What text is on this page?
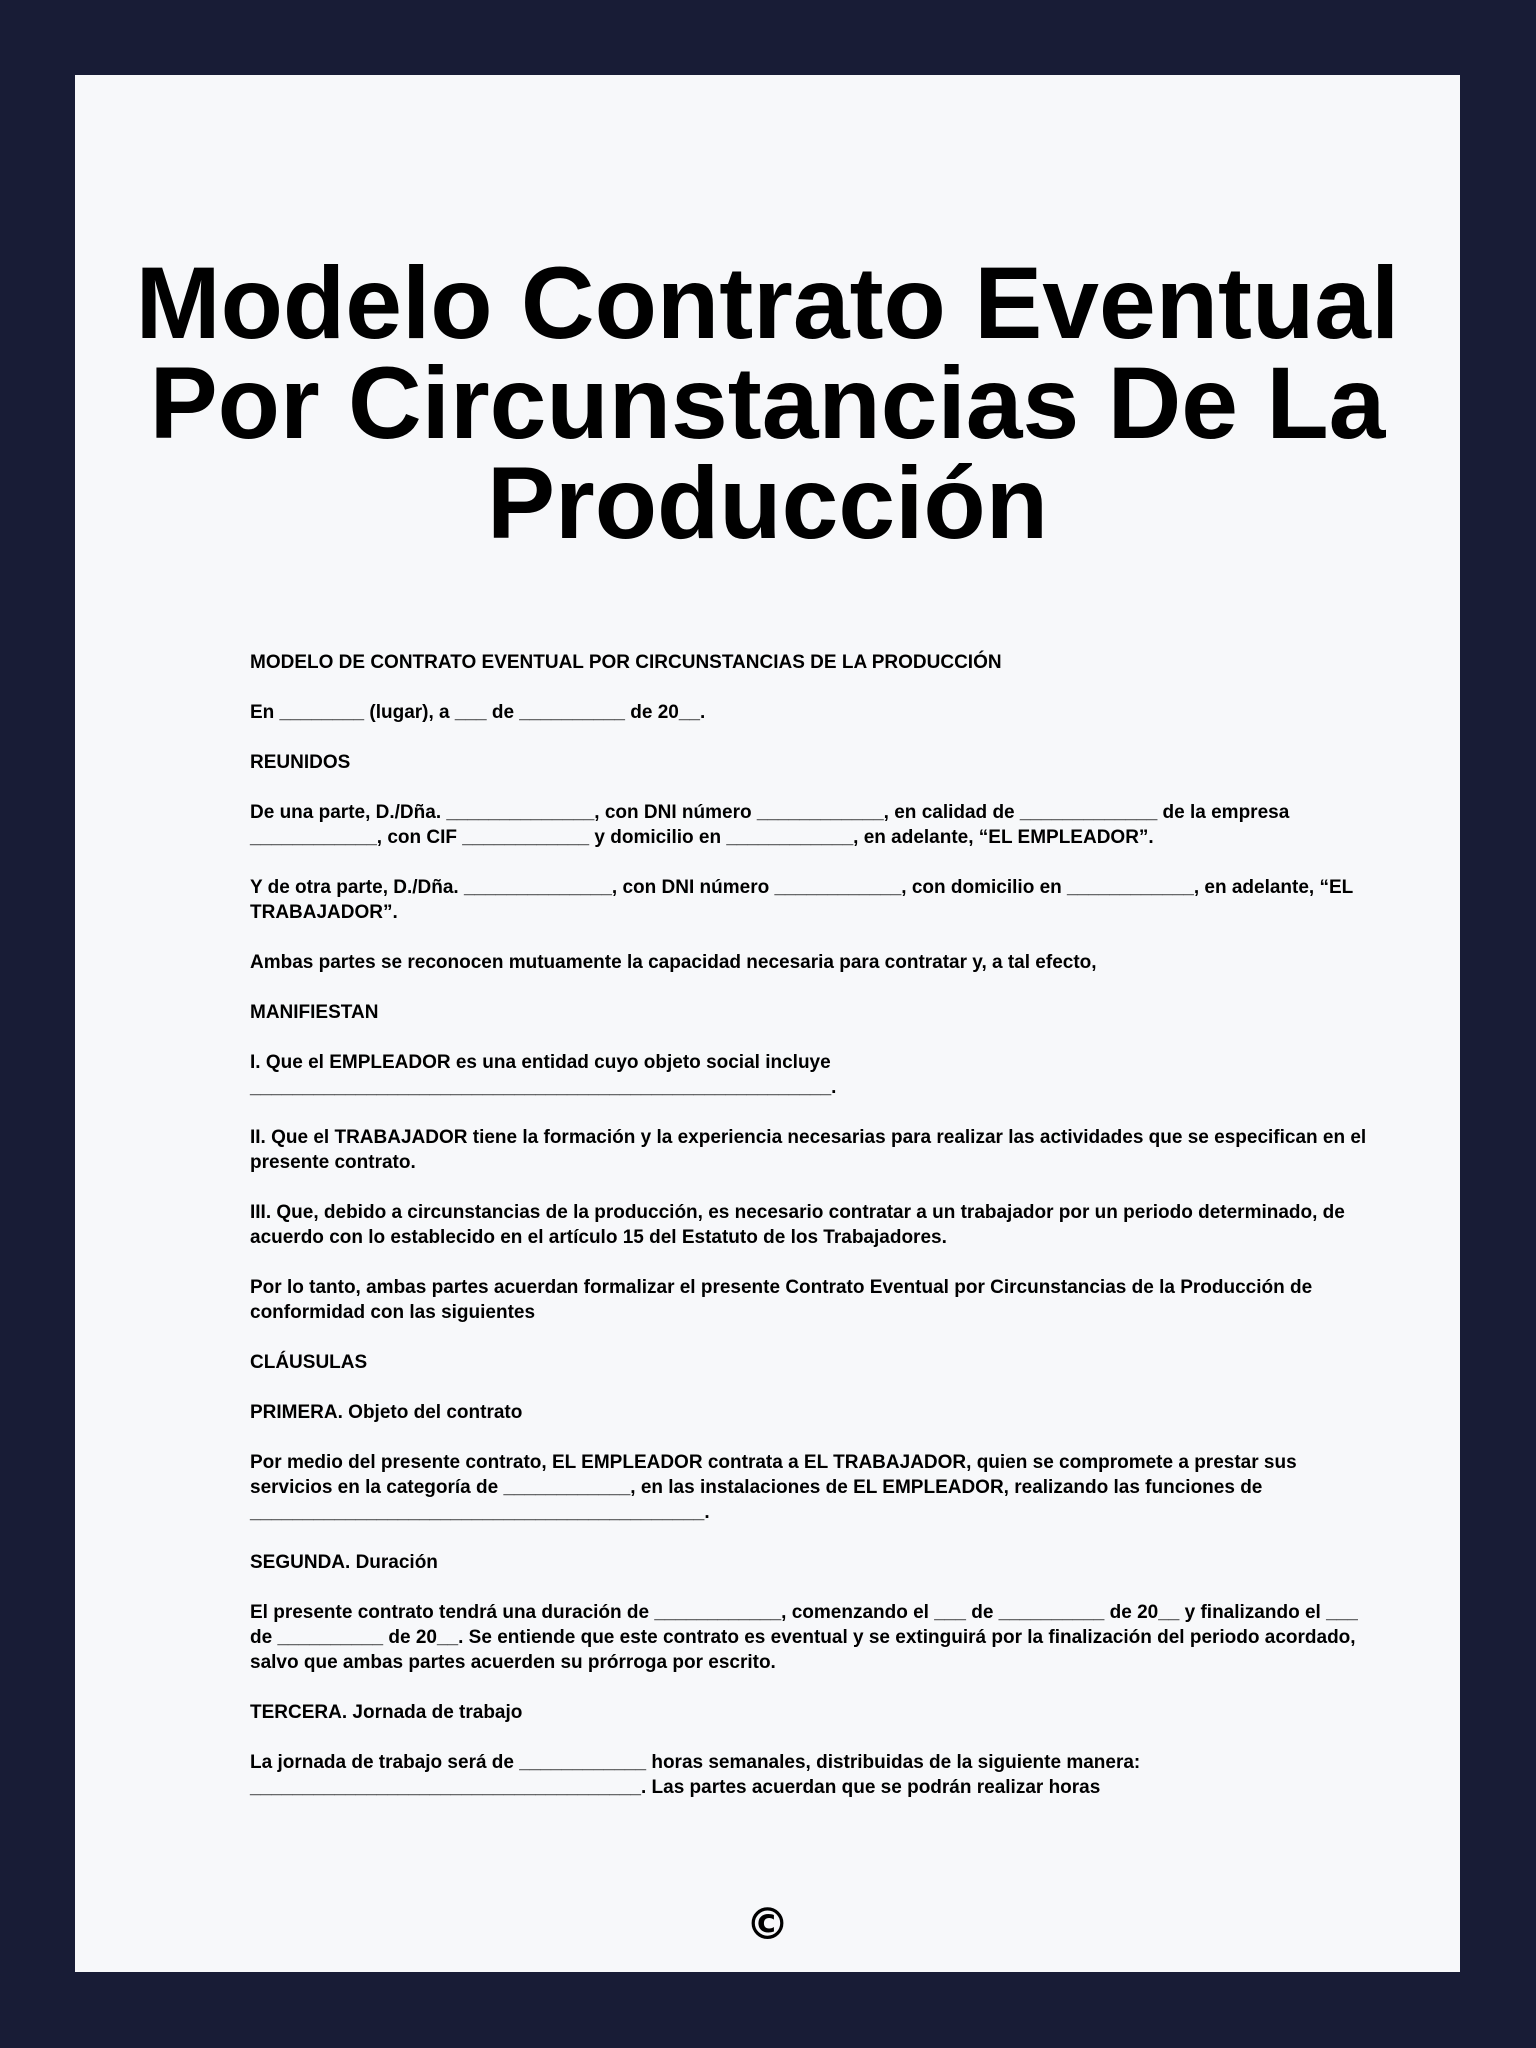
Modelo Contrato Eventual
Por Circunstancias De La
Producción

MODELO DE CONTRATO EVENTUAL POR CIRCUNSTANCIAS DE LA PRODUCCIÓN

En ________ (lugar), a ___ de __________ de 20__.

REUNIDOS

De una parte, D./Dña. ______________, con DNI número ____________, en calidad de _____________ de la empresa ____________, con CIF ____________ y domicilio en ____________, en adelante, “EL EMPLEADOR”.

Y de otra parte, D./Dña. ______________, con DNI número ____________, con domicilio en ____________, en adelante, “EL TRABAJADOR”.

Ambas partes se reconocen mutuamente la capacidad necesaria para contratar y, a tal efecto,

MANIFIESTAN

I. Que el EMPLEADOR es una entidad cuyo objeto social incluye
_______________________________________________________.

II. Que el TRABAJADOR tiene la formación y la experiencia necesarias para realizar las actividades que se especifican en el presente contrato.

III. Que, debido a circunstancias de la producción, es necesario contratar a un trabajador por un periodo determinado, de acuerdo con lo establecido en el artículo 15 del Estatuto de los Trabajadores.

Por lo tanto, ambas partes acuerdan formalizar el presente Contrato Eventual por Circunstancias de la Producción de conformidad con las siguientes

CLÁUSULAS

PRIMERA. Objeto del contrato

Por medio del presente contrato, EL EMPLEADOR contrata a EL TRABAJADOR, quien se compromete a prestar sus servicios en la categoría de ____________, en las instalaciones de EL EMPLEADOR, realizando las funciones de ___________________________________________.

SEGUNDA. Duración

El presente contrato tendrá una duración de ____________, comenzando el ___ de __________ de 20__ y finalizando el ___ de __________ de 20__. Se entiende que este contrato es eventual y se extinguirá por la finalización del periodo acordado, salvo que ambas partes acuerden su prórroga por escrito.

TERCERA. Jornada de trabajo

La jornada de trabajo será de ____________ horas semanales, distribuidas de la siguiente manera: _____________________________________. Las partes acuerdan que se podrán realizar horas

©
